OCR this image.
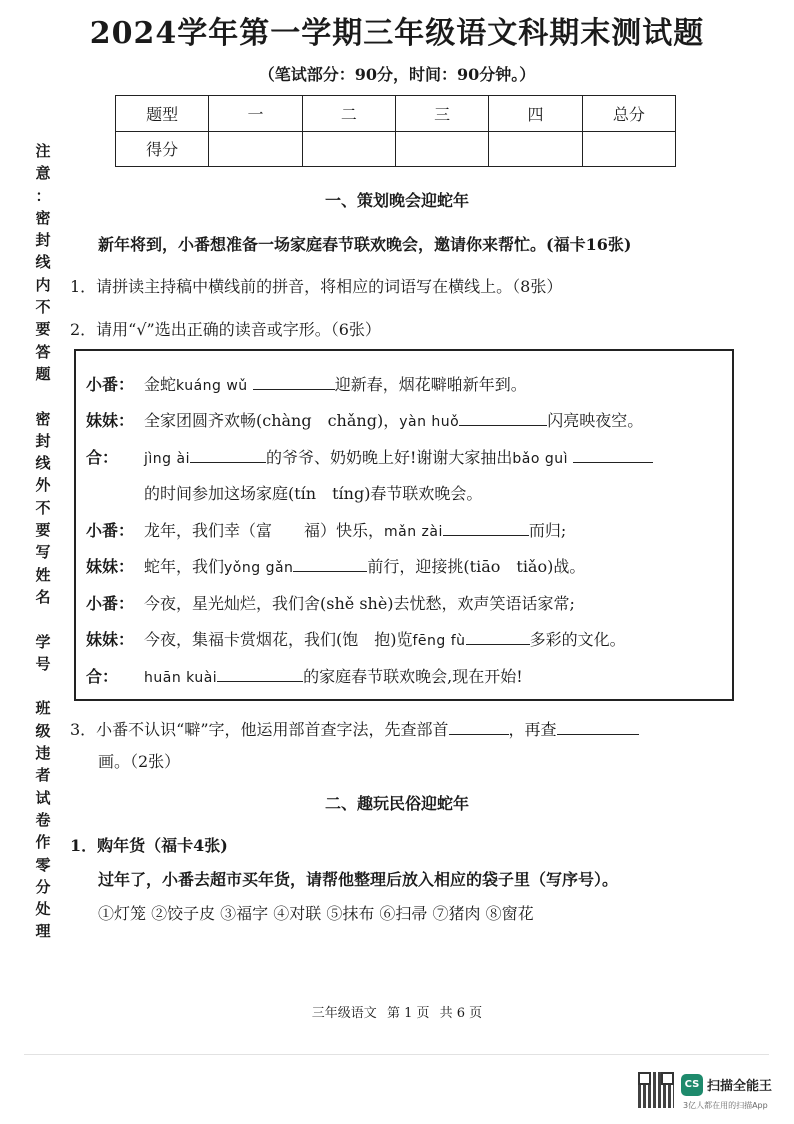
2024学年第一学期三年级语文科期末测试题
（笔试部分：90分，时间：90分钟。）
题型	一	二	三	四	总分
得分					
注
意
：
密
封
线
内
不
要
答
题

密
封
线
外
不
要
写
姓
名

学
号

班
级
违
者
试
卷
作
零
分
处
理
一、策划晚会迎蛇年
新年将到，小番想准备一场家庭春节联欢晚会，邀请你来帮忙。(福卡16张)
1．请拼读主持稿中横线前的拼音，将相应的词语写在横线上。（8张）
2．请用“√”选出正确的读音或字形。（6张）
小番： 金蛇kuáng wǔ	迎新春，烟花噼啪新年到。
妹妹： 全家团圆齐欢畅(chàng　chǎng)，yàn huǒ	闪亮映夜空。
合： jìng ài	的爷爷、奶奶晚上好!谢谢大家抽出bǎo guì
的时间参加这场家庭(tín　tíng)春节联欢晚会。
小番： 龙年，我们幸（富　　福）快乐，mǎn zài	而归;
妹妹： 蛇年，我们yǒng gǎn	前行，迎接挑(tiāo　tiǎo)战。
小番： 今夜，星光灿烂，我们舍(shě shè)去忧愁，欢声笑语话家常;
妹妹： 今夜，集福卡赏烟花，我们(饱　抱)览fēng fù	多彩的文化。
合： huān kuài	的家庭春节联欢晚会,现在开始!
3．小番不认识“噼”字，他运用部首查字法，先查部首	，再查
画。（2张）
二、趣玩民俗迎蛇年
1．购年货（福卡4张)
过年了，小番去超市买年货，请帮他整理后放入相应的袋子里（写序号）。
①灯笼 ②饺子皮 ③福字 ④对联 ⑤抹布 ⑥扫帚 ⑦猪肉 ⑧窗花
三年级语文 第 1 页 共 6 页
CS 扫描全能王
3亿人都在用的扫描App
